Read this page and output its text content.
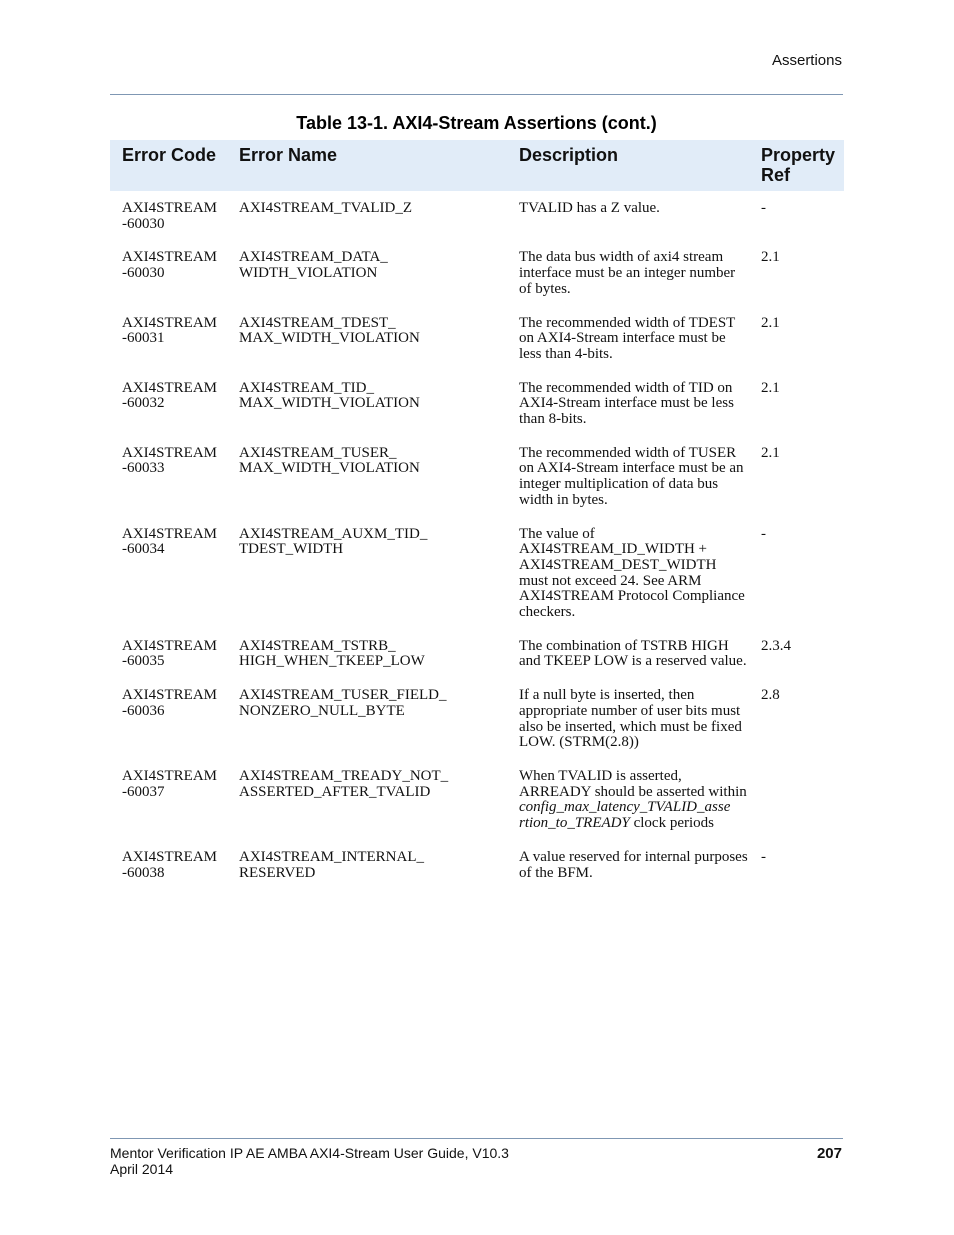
Assertions
Table 13-1. AXI4-Stream Assertions (cont.)
Error Code	Error Name	Description	Property
Ref
AXI4STREAM
-60030	AXI4STREAM_TVALID_Z	TVALID has a Z value.	-
AXI4STREAM
-60030	AXI4STREAM_DATA_
WIDTH_VIOLATION	The data bus width of axi4 stream interface must be an integer number of bytes.	2.1
AXI4STREAM
-60031	AXI4STREAM_TDEST_
MAX_WIDTH_VIOLATION	The recommended width of TDEST on AXI4-Stream interface must be less than 4-bits.	2.1
AXI4STREAM
-60032	AXI4STREAM_TID_
MAX_WIDTH_VIOLATION	The recommended width of TID on AXI4-Stream interface must be less than 8-bits.	2.1
AXI4STREAM
-60033	AXI4STREAM_TUSER_
MAX_WIDTH_VIOLATION	The recommended width of TUSER on AXI4-Stream interface must be an integer multiplication of data bus width in bytes.	2.1
AXI4STREAM
-60034	AXI4STREAM_AUXM_TID_
TDEST_WIDTH	The value of
AXI4STREAM_ID_WIDTH +
AXI4STREAM_DEST_WIDTH
must not exceed 24. See ARM AXI4STREAM Protocol Compliance checkers.	-
AXI4STREAM
-60035	AXI4STREAM_TSTRB_
HIGH_WHEN_TKEEP_LOW	The combination of TSTRB HIGH and TKEEP LOW is a reserved value.	2.3.4
AXI4STREAM
-60036	AXI4STREAM_TUSER_FIELD_
NONZERO_NULL_BYTE	If a null byte is inserted, then appropriate number of user bits must also be inserted, which must be fixed LOW. (STRM(2.8))	2.8
AXI4STREAM
-60037	AXI4STREAM_TREADY_NOT_
ASSERTED_AFTER_TVALID	When TVALID is asserted, ARREADY should be asserted within
config_max_latency_TVALID_asse
rtion_to_TREADY clock periods	
AXI4STREAM
-60038	AXI4STREAM_INTERNAL_
RESERVED	A value reserved for internal purposes of the BFM.	-
Mentor Verification IP AE AMBA AXI4-Stream User Guide, V10.3
April 2014
207
